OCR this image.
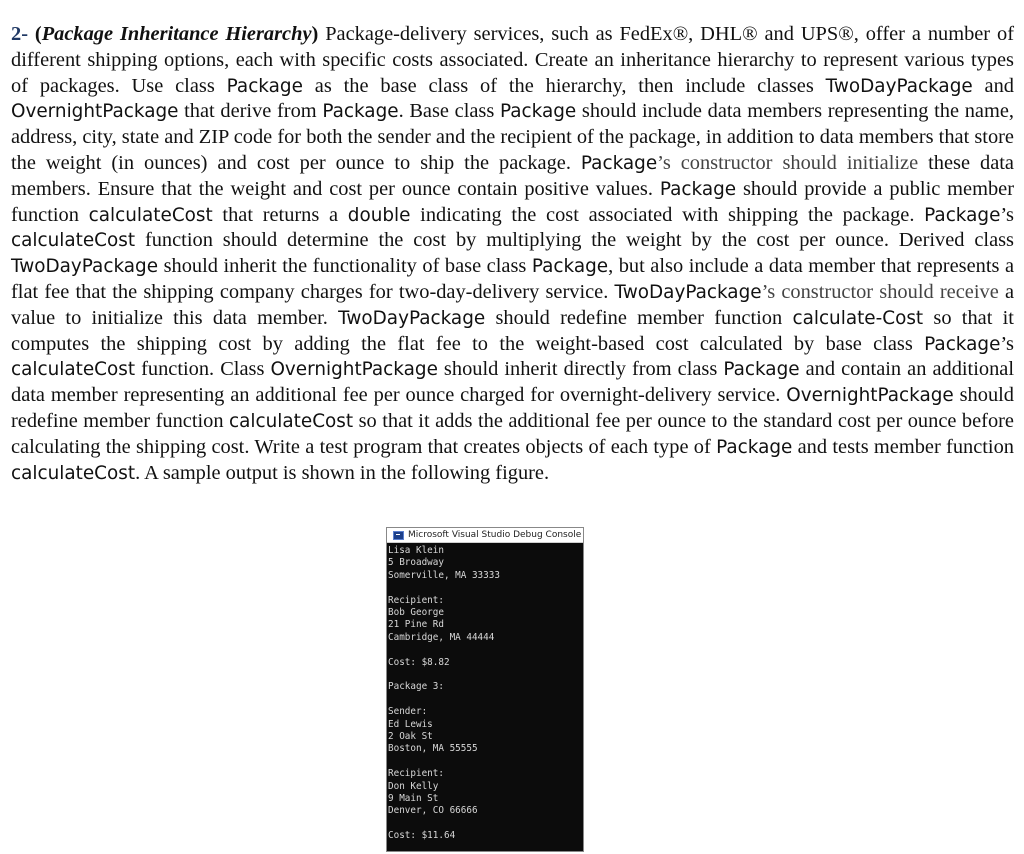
2- (Package Inheritance Hierarchy) Package-delivery services, such as FedEx®, DHL® and UPS®, offer a number of different shipping options, each with specific costs associated. Create an inheritance hierarchy to represent various types of packages. Use class Package as the base class of the hierarchy, then include classes TwoDayPackage and OvernightPackage that derive from Package. Base class Package should include data members representing the name, address, city, state and ZIP code for both the sender and the recipient of the package, in addition to data members that store the weight (in ounces) and cost per ounce to ship the package. Package’s constructor should initialize these data members. Ensure that the weight and cost per ounce contain positive values. Package should provide a public member function calculateCost that returns a double indicating the cost associated with shipping the package. Package’s calculateCost function should determine the cost by multiplying the weight by the cost per ounce. Derived class TwoDayPackage should inherit the functionality of base class Package, but also include a data member that represents a flat fee that the shipping company charges for two-day-delivery service. TwoDayPackage’s constructor should receive a value to initialize this data member. TwoDayPackage should redefine member function calculate-Cost so that it computes the shipping cost by adding the flat fee to the weight-based cost calculated by base class Package’s calculateCost function. Class OvernightPackage should inherit directly from class Package and contain an additional data member representing an additional fee per ounce charged for overnight-delivery service. OvernightPackage should redefine member function calculateCost so that it adds the additional fee per ounce to the standard cost per ounce before calculating the shipping cost. Write a test program that creates objects of each type of Package and tests member function calculateCost. A sample output is shown in the following figure.

Microsoft Visual Studio Debug Console
Lisa Klein
5 Broadway
Somerville, MA 33333
Recipient:
Bob George
21 Pine Rd
Cambridge, MA 44444
Cost: $8.82
Package 3:
Sender:
Ed Lewis
2 Oak St
Boston, MA 55555
Recipient:
Don Kelly
9 Main St
Denver, CO 66666
Cost: $11.64
